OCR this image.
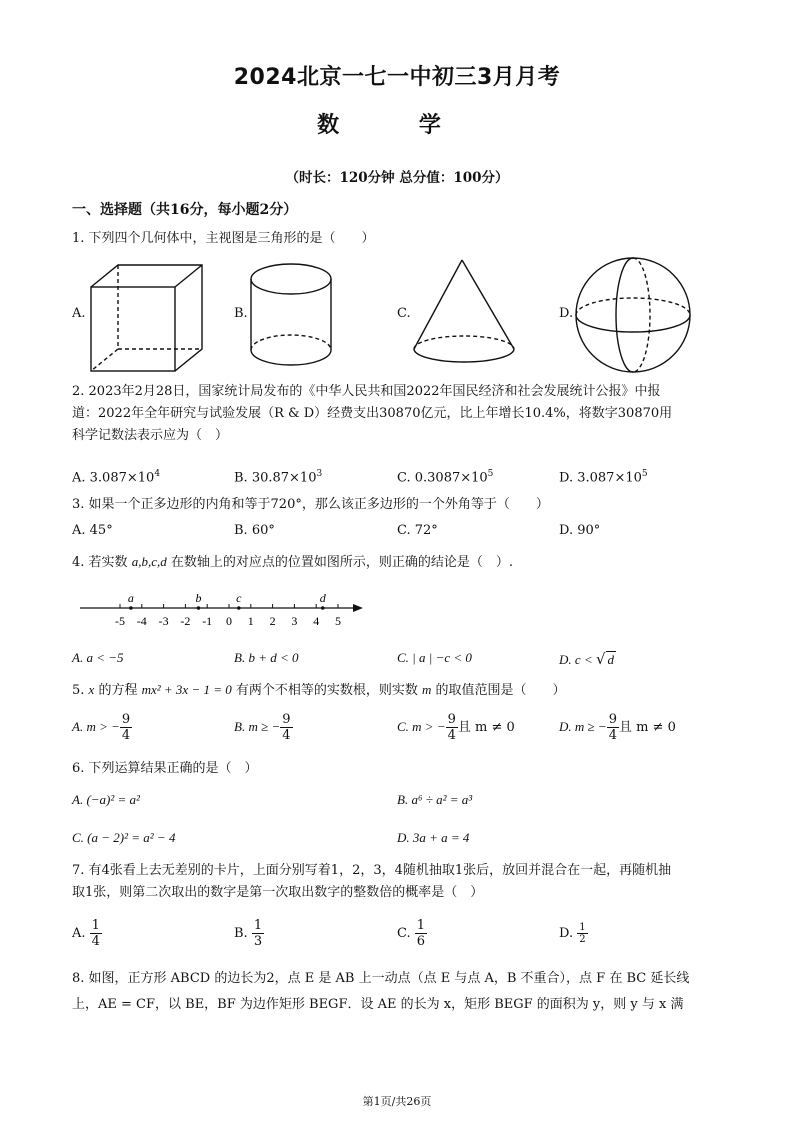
2024北京一七一中初三3月月考
数 学
（时长：120分钟 总分值：100分）
一、选择题（共16分，每小题2分）
1. 下列四个几何体中，主视图是三角形的是（　　）
A.	B.	C.	D.
2. 2023年2月28日，国家统计局发布的《中华人民共和国2022年国民经济和社会发展统计公报》中报
道：2022年全年研究与试验发展（R & D）经费支出30870亿元，比上年增长10.4%，将数字30870用
科学记数法表示应为（　）
A. $3.087\times 10^4$	B. $30.87\times 10^3$	C. $0.3087\times 10^5$	D. $3.087\times 10^5$
3. 如果一个正多边形的内角和等于720°，那么该正多边形的一个外角等于（　　）
A. 45°	B. 60°	C. 72°	D. 90°
4. 若实数 a,b,c,d 在数轴上的对应点的位置如图所示，则正确的结论是（　）.
-5 -4 -3 -2 -1 0 1 2 3 4 5
a	b	c	d
A. a < −5	B. b + d < 0	C. | a | −c < 0	D. c < √ d
5. x 的方程 mx² + 3x − 1 = 0 有两个不相等的实数根，则实数 m 的取值范围是（　　）
A. m > − $\frac{9}{4}$	B. m ≥ − $\frac{9}{4}$	C. m > − $\frac{9}{4}$ 且 m ≠ 0	D. m ≥ − $\frac{9}{4}$ 且 m ≠ 0
6. 下列运算结果正确的是（　）
A. (−a)² = a²	B. a⁶ ÷ a² = a³
C. (a − 2)² = a² − 4	D. 3a + a = 4
7. 有4张看上去无差别的卡片，上面分别写着1，2，3，4随机抽取1张后，放回并混合在一起，再随机抽
取1张，则第二次取出的数字是第一次取出数字的整数倍的概率是（　）
A. $\frac{1}{4}$	B. $\frac{1}{3}$	C. $\frac{1}{6}$	D. $\frac{1}{2}$
8. 如图，正方形 ABCD 的边长为2，点 E 是 AB 上一动点（点 E 与点 A，B 不重合），点 F 在 BC 延长线
上，AE = CF，以 BE，BF 为边作矩形 BEGF．设 AE 的长为 x，矩形 BEGF 的面积为 y，则 y 与 x 满
第1页/共26页
